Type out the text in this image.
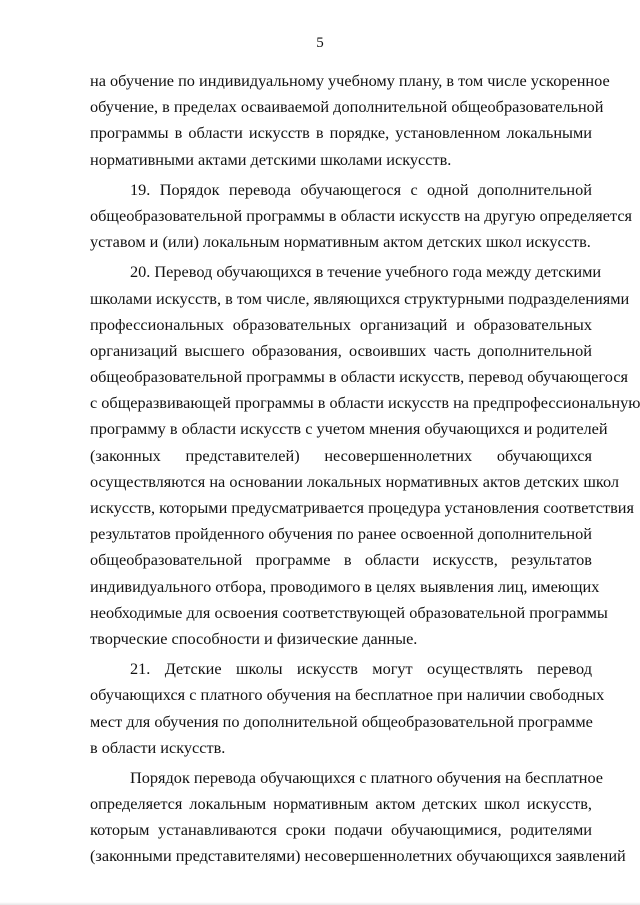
5
на обучение по индивидуальному учебному плану, в том числе ускоренное
обучение, в пределах осваиваемой дополнительной общеобразовательной
программы в области искусств в порядке, установленном локальными
нормативными актами детскими школами искусств.
19. Порядок перевода обучающегося с одной дополнительной
общеобразовательной программы в области искусств на другую определяется
уставом и (или) локальным нормативным актом детских школ искусств.
20. Перевод обучающихся в течение учебного года между детскими
школами искусств, в том числе, являющихся структурными подразделениями
профессиональных образовательных организаций и образовательных
организаций высшего образования, освоивших часть дополнительной
общеобразовательной программы в области искусств, перевод обучающегося
с общеразвивающей программы в области искусств на предпрофессиональную
программу в области искусств с учетом мнения обучающихся и родителей
(законных представителей) несовершеннолетних обучающихся
осуществляются на основании локальных нормативных актов детских школ
искусств, которыми предусматривается процедура установления соответствия
результатов пройденного обучения по ранее освоенной дополнительной
общеобразовательной программе в области искусств, результатов
индивидуального отбора, проводимого в целях выявления лиц, имеющих
необходимые для освоения соответствующей образовательной программы
творческие способности и физические данные.
21. Детские школы искусств могут осуществлять перевод
обучающихся с платного обучения на бесплатное при наличии свободных
мест для обучения по дополнительной общеобразовательной программе
в области искусств.
Порядок перевода обучающихся с платного обучения на бесплатное
определяется локальным нормативным актом детских школ искусств,
которым устанавливаются сроки подачи обучающимися, родителями
(законными представителями) несовершеннолетних обучающихся заявлений
